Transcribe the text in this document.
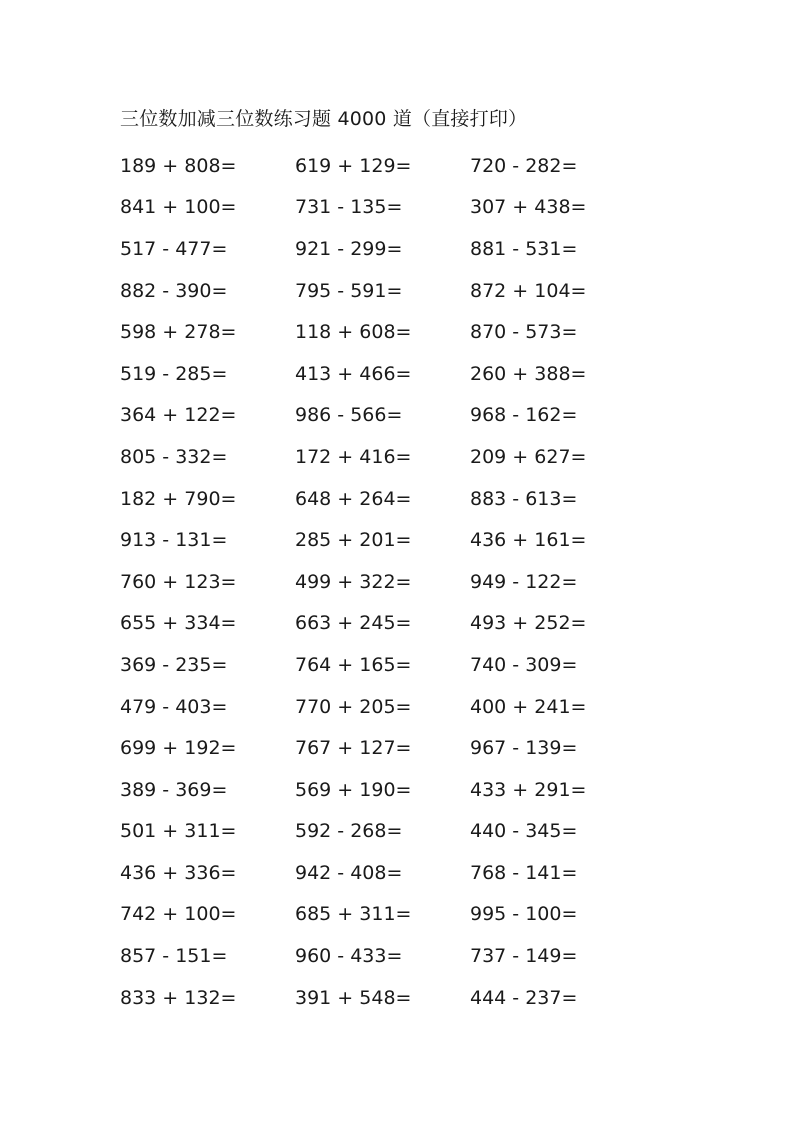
三位数加减三位数练习题 4000 道（直接打印）
189 + 808=	619 + 129=	720 - 282=
841 + 100=	731 - 135=	307 + 438=
517 - 477=	921 - 299=	881 - 531=
882 - 390=	795 - 591=	872 + 104=
598 + 278=	118 + 608=	870 - 573=
519 - 285=	413 + 466=	260 + 388=
364 + 122=	986 - 566=	968 - 162=
805 - 332=	172 + 416=	209 + 627=
182 + 790=	648 + 264=	883 - 613=
913 - 131=	285 + 201=	436 + 161=
760 + 123=	499 + 322=	949 - 122=
655 + 334=	663 + 245=	493 + 252=
369 - 235=	764 + 165=	740 - 309=
479 - 403=	770 + 205=	400 + 241=
699 + 192=	767 + 127=	967 - 139=
389 - 369=	569 + 190=	433 + 291=
501 + 311=	592 - 268=	440 - 345=
436 + 336=	942 - 408=	768 - 141=
742 + 100=	685 + 311=	995 - 100=
857 - 151=	960 - 433=	737 - 149=
833 + 132=	391 + 548=	444 - 237=
